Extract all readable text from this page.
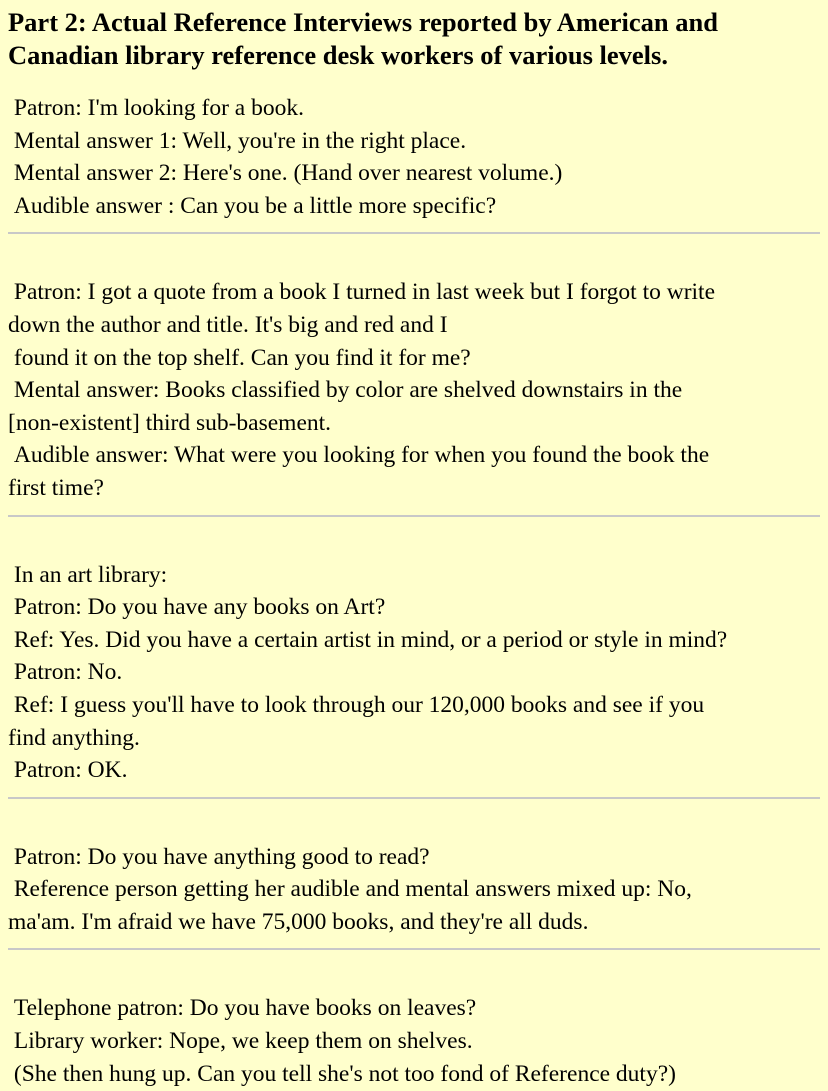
Part 2: Actual Reference Interviews reported by American and
Canadian library reference desk workers of various levels.

Patron: I'm looking for a book.

Mental answer 1: Well, you're in the right place.

Mental answer 2: Here's one. (Hand over nearest volume.)

Audible answer : Can you be a little more specific?

Patron: I got a quote from a book I turned in last week but I forgot to write

down the author and title. It's big and red and I

found it on the top shelf. Can you find it for me?

Mental answer: Books classified by color are shelved downstairs in the

[non-existent] third sub-basement.

Audible answer: What were you looking for when you found the book the

first time?

In an art library:

Patron: Do you have any books on Art?

Ref: Yes. Did you have a certain artist in mind, or a period or style in mind?

Patron: No.

Ref: I guess you'll have to look through our 120,000 books and see if you

find anything.

Patron: OK.

Patron: Do you have anything good to read?

Reference person getting her audible and mental answers mixed up: No,

ma'am. I'm afraid we have 75,000 books, and they're all duds.

Telephone patron: Do you have books on leaves?

Library worker: Nope, we keep them on shelves.

(She then hung up. Can you tell she's not too fond of Reference duty?)
